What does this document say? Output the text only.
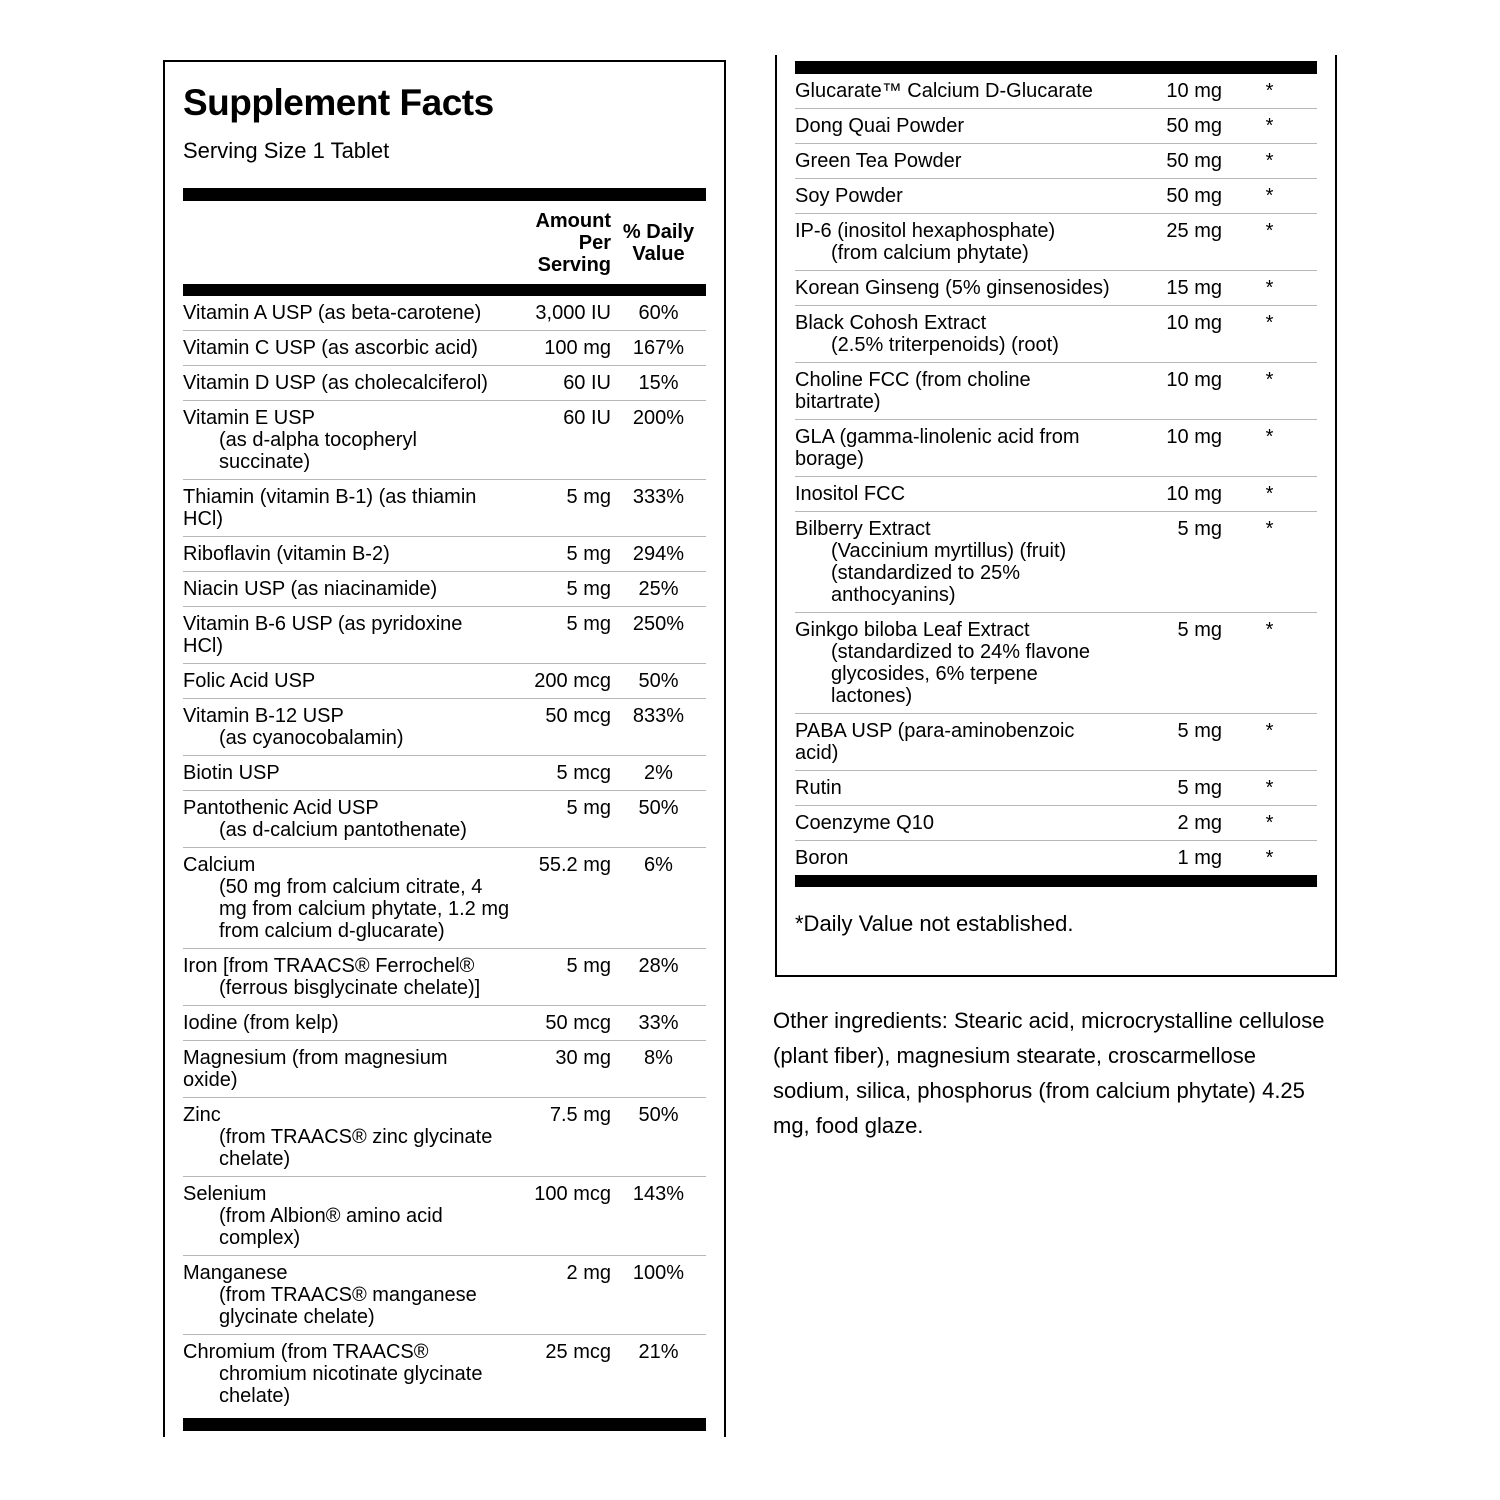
Supplement Facts
Serving Size 1 Tablet
Amount
Per
Serving
% Daily
Value
Vitamin A USP (as beta-carotene)	3,000 IU	60%
Vitamin C USP (as ascorbic acid)	100 mg	167%
Vitamin D USP (as cholecalciferol)	60 IU	15%
Vitamin E USP
(as d-alpha tocopheryl
succinate)
60 IU	200%
Thiamin (vitamin B-1) (as thiamin
HCl)
5 mg	333%
Riboflavin (vitamin B-2)	5 mg	294%
Niacin USP (as niacinamide)	5 mg	25%
Vitamin B-6 USP (as pyridoxine
HCl)
5 mg	250%
Folic Acid USP	200 mcg	50%
Vitamin B-12 USP
(as cyanocobalamin)
50 mcg	833%
Biotin USP	5 mcg	2%
Pantothenic Acid USP
(as d-calcium pantothenate)
5 mg	50%
Calcium
(50 mg from calcium citrate, 4
mg from calcium phytate, 1.2 mg
from calcium d-glucarate)
55.2 mg	6%
Iron [from TRAACS® Ferrochel®
(ferrous bisglycinate chelate)]
5 mg	28%
Iodine (from kelp)	50 mcg	33%
Magnesium (from magnesium
oxide)
30 mg	8%
Zinc
(from TRAACS® zinc glycinate
chelate)
7.5 mg	50%
Selenium
(from Albion® amino acid
complex)
100 mcg	143%
Manganese
(from TRAACS® manganese
glycinate chelate)
2 mg	100%
Chromium (from TRAACS®
chromium nicotinate glycinate
chelate)
25 mcg	21%
Glucarate™ Calcium D-Glucarate	10 mg	*
Dong Quai Powder	50 mg	*
Green Tea Powder	50 mg	*
Soy Powder	50 mg	*
IP-6 (inositol hexaphosphate)
(from calcium phytate)
25 mg	*
Korean Ginseng (5% ginsenosides)	15 mg	*
Black Cohosh Extract
(2.5% triterpenoids) (root)
10 mg	*
Choline FCC (from choline
bitartrate)
10 mg	*
GLA (gamma-linolenic acid from
borage)
10 mg	*
Inositol FCC	10 mg	*
Bilberry Extract
(Vaccinium myrtillus) (fruit)
(standardized to 25%
anthocyanins)
5 mg	*
Ginkgo biloba Leaf Extract
(standardized to 24% flavone
glycosides, 6% terpene
lactones)
5 mg	*
PABA USP (para-aminobenzoic
acid)
5 mg	*
Rutin	5 mg	*
Coenzyme Q10	2 mg	*
Boron	1 mg	*
*Daily Value not established.

Other ingredients: Stearic acid, microcrystalline cellulose (plant fiber), magnesium stearate, croscarmellose sodium, silica, phosphorus (from calcium phytate) 4.25 mg, food glaze.
